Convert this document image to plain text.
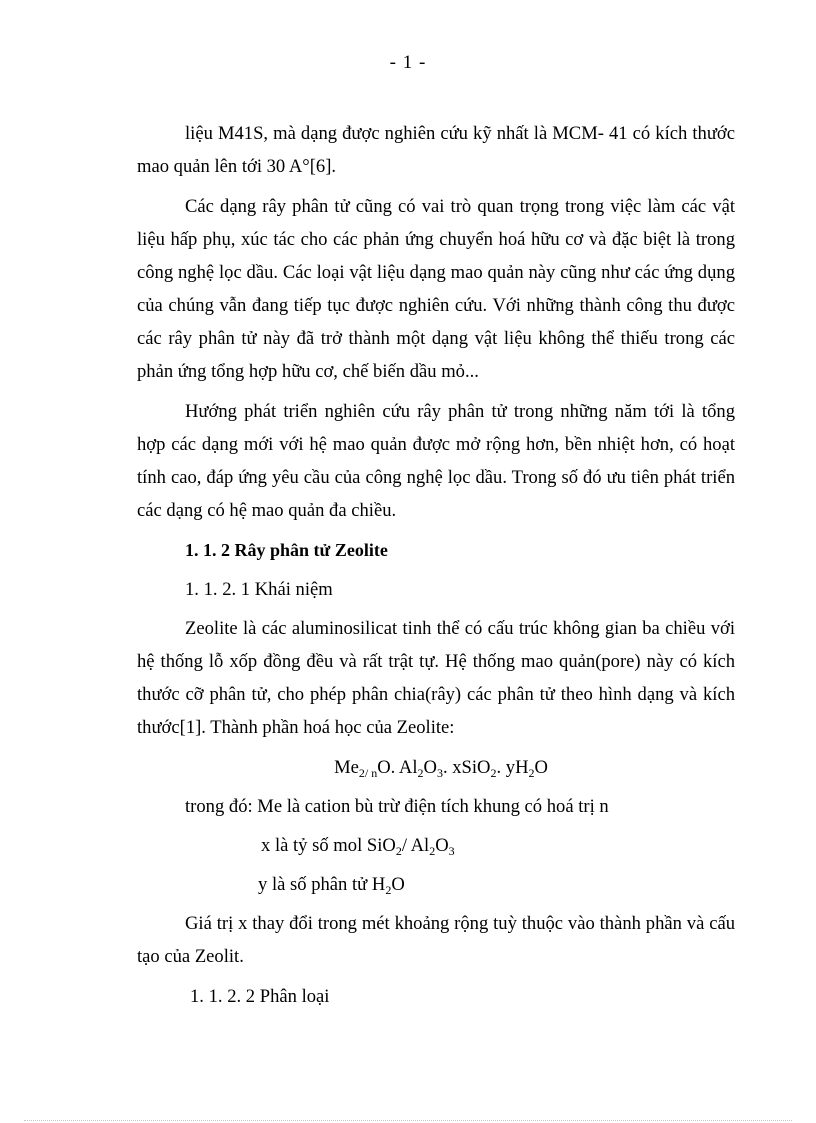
- 1 -

liệu M41S, mà dạng được nghiên cứu kỹ nhất là MCM- 41 có kích thước mao quản lên tới 30 A°[6].

Các dạng rây phân tử cũng có vai trò quan trọng trong việc làm các vật liệu hấp phụ, xúc tác cho các phản ứng chuyển hoá hữu cơ và đặc biệt là trong công nghệ lọc dầu. Các loại vật liệu dạng mao quản này cũng như các ứng dụng của chúng vẫn đang tiếp tục được nghiên cứu. Với những thành công thu được các rây phân tử này đã trở thành một dạng vật liệu không thể thiếu trong các phản ứng tổng hợp hữu cơ, chế biến dầu mỏ...

Hướng phát triển nghiên cứu rây phân tử trong những năm tới là tổng hợp các dạng mới với hệ mao quản được mở rộng hơn, bền nhiệt hơn, có hoạt tính cao, đáp ứng yêu cầu của công nghệ lọc dầu. Trong số đó ưu tiên phát triển các dạng có hệ mao quản đa chiều.

1. 1. 2 Rây phân tử Zeolite

1. 1. 2. 1 Khái niệm

Zeolite là các aluminosilicat tinh thể có cấu trúc không gian ba chiều với hệ thống lỗ xốp đồng đều và rất trật tự. Hệ thống mao quản(pore) này có kích thước cỡ phân tử, cho phép phân chia(rây) các phân tử theo hình dạng và kích thước[1]. Thành phần hoá học của Zeolite:

$Me_{2/ n}O$. $Al_2O_3$. xSiO$_2$. $yH_2O$

trong đó: Me là cation bù trừ điện tích khung có hoá trị n

x là tỷ số mol SiO$_2$/ $Al_2O_3$

y là số phân tử $H_2O$

Giá trị x thay đổi trong mét khoảng rộng tuỳ thuộc vào thành phần và cấu tạo của Zeolit.

1. 1. 2. 2 Phân loại
